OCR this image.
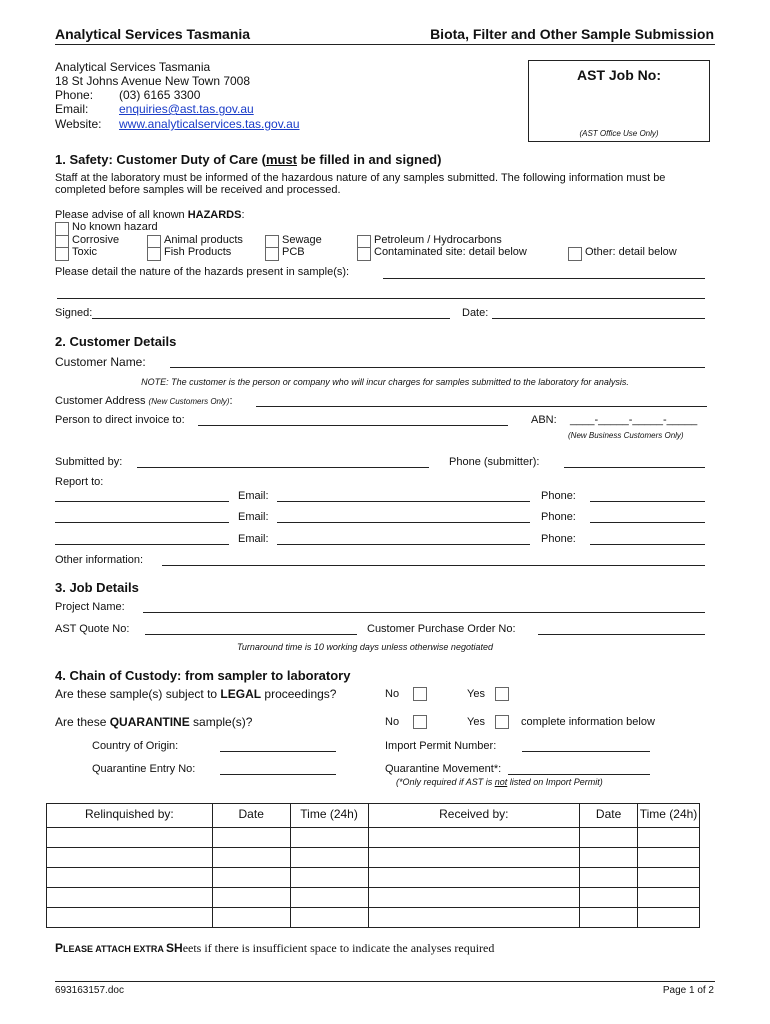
Analytical Services Tasmania	Biota, Filter and Other Sample Submission
Analytical Services Tasmania
18 St Johns Avenue New Town 7008
Phone: (03) 6165 3300
Email:	enquiries@ast.tas.gov.au
Website: www.analyticalservices.tas.gov.au
AST Job No:
(AST Office Use Only)
1. Safety: Customer Duty of Care (must be filled in and signed)
Staff at the laboratory must be informed of the hazardous nature of any samples submitted. The following information must be
completed before samples will be received and processed.
Please advise of all known HAZARDS:
No known hazard
Corrosive
Toxic
Animal products
Fish Products
Sewage
PCB
Petroleum / Hydrocarbons
Contaminated site: detail below	Other: detail below
Please detail the nature of the hazards present in sample(s):
Signed:	Date:
2. Customer Details
Customer Name:
NOTE: The customer is the person or company who will incur charges for samples submitted to the laboratory for analysis.
Customer Address (New Customers Only):
Person to direct invoice to:	ABN: ____-_____-_____-_____
(New Business Customers Only)
Submitted by:	Phone (submitter):
Report to:
Email:	Phone:
Email:	Phone:
Email:	Phone:
Other information:
3. Job Details
Project Name:
AST Quote No:	Customer Purchase Order No:
Turnaround time is 10 working days unless otherwise negotiated
4. Chain of Custody: from sampler to laboratory
Are these sample(s) subject to LEGAL proceedings?	No	Yes
Are these QUARANTINE sample(s)?	No	Yes	complete information below
Country of Origin:	Import Permit Number:
Quarantine Entry No:	Quarantine Movement*:
(*Only required if AST is not listed on Import Permit)
Relinquished by:	Date	Time (24h)	Received by:	Date	Time (24h)

PLEASE ATTACH EXTRA SHeets if there is insufficient space to indicate the analyses required
693163157.doc	Page 1 of 2
